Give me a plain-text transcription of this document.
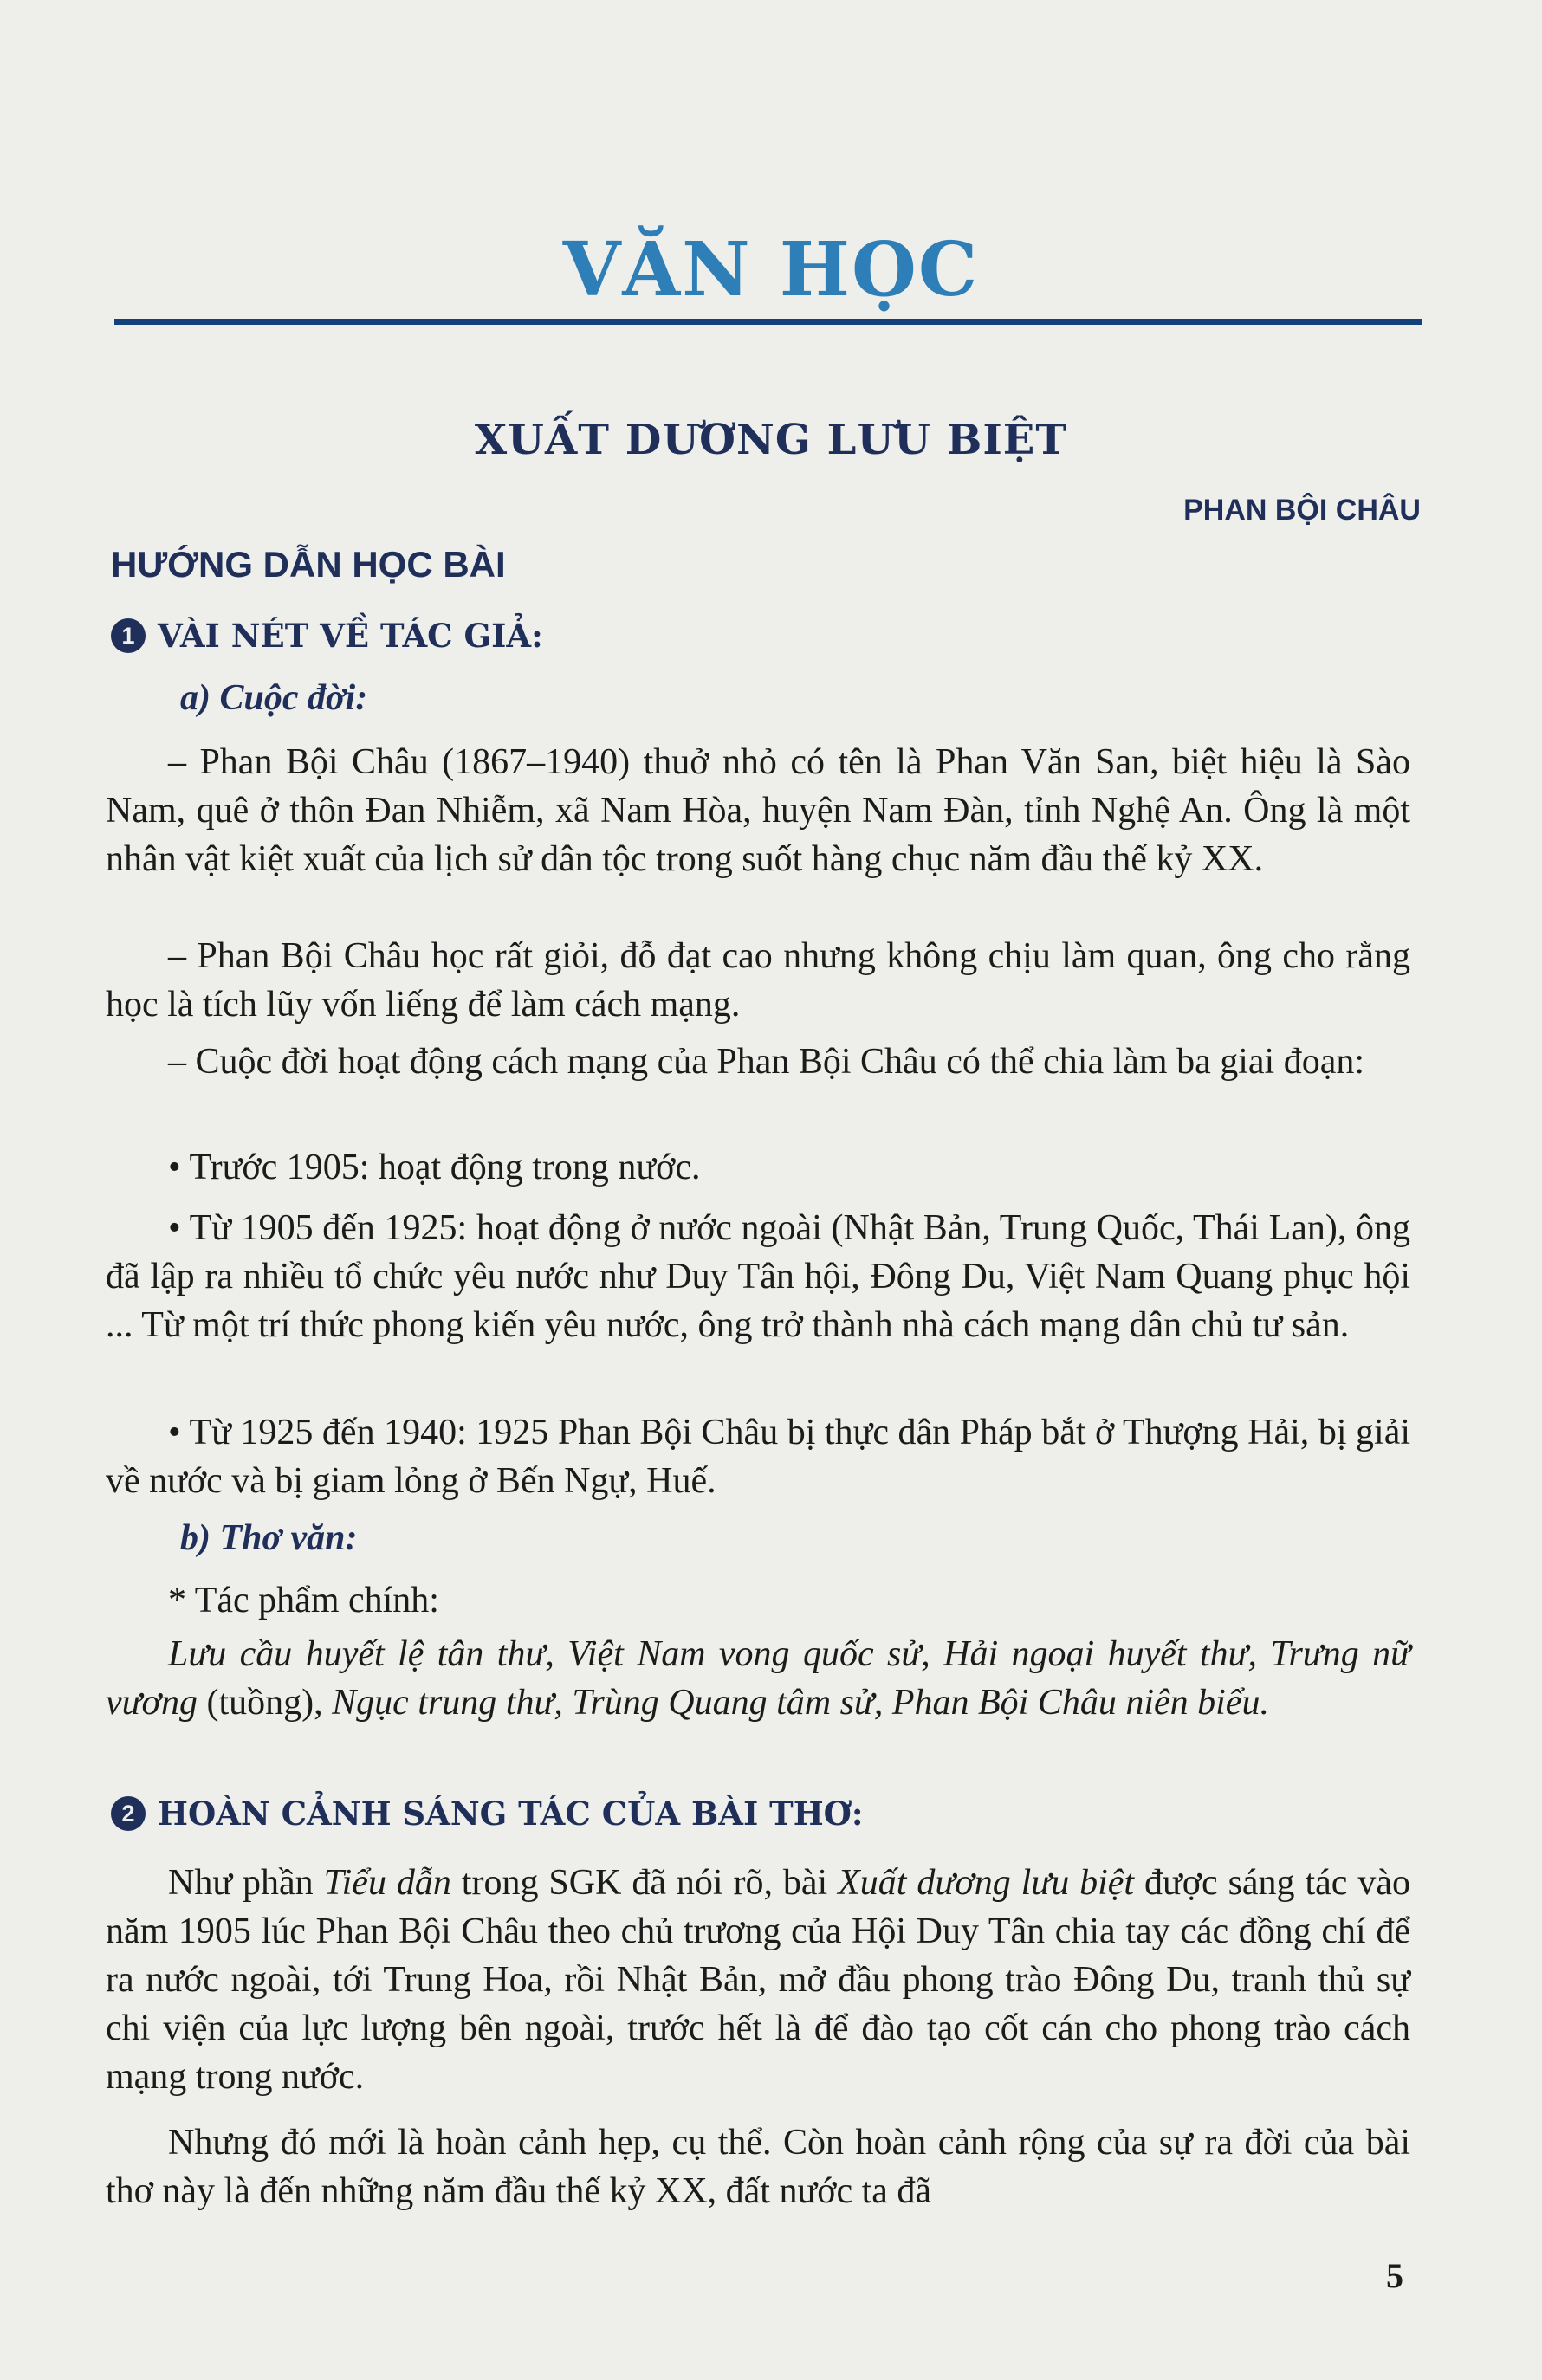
VĂN HỌC
XUẤT DƯƠNG LƯU BIỆT
PHAN BỘI CHÂU
HƯỚNG DẪN HỌC BÀI
1 VÀI NÉT VỀ TÁC GIẢ:
a) Cuộc đời:

– Phan Bội Châu (1867–1940) thuở nhỏ có tên là Phan Văn San, biệt hiệu là Sào Nam, quê ở thôn Đan Nhiễm, xã Nam Hòa, huyện Nam Đàn, tỉnh Nghệ An. Ông là một nhân vật kiệt xuất của lịch sử dân tộc trong suốt hàng chục năm đầu thế kỷ XX.

– Phan Bội Châu học rất giỏi, đỗ đạt cao nhưng không chịu làm quan, ông cho rằng học là tích lũy vốn liếng để làm cách mạng.

– Cuộc đời hoạt động cách mạng của Phan Bội Châu có thể chia làm ba giai đoạn:

• Trước 1905: hoạt động trong nước.

• Từ 1905 đến 1925: hoạt động ở nước ngoài (Nhật Bản, Trung Quốc, Thái Lan), ông đã lập ra nhiều tổ chức yêu nước như Duy Tân hội, Đông Du, Việt Nam Quang phục hội ... Từ một trí thức phong kiến yêu nước, ông trở thành nhà cách mạng dân chủ tư sản.

• Từ 1925 đến 1940: 1925 Phan Bội Châu bị thực dân Pháp bắt ở Thượng Hải, bị giải về nước và bị giam lỏng ở Bến Ngự, Huế.

b) Thơ văn:

* Tác phẩm chính:

Lưu cầu huyết lệ tân thư, Việt Nam vong quốc sử, Hải ngoại huyết thư, Trưng nữ vương (tuồng), Ngục trung thư, Trùng Quang tâm sử, Phan Bội Châu niên biểu.

2 HOÀN CẢNH SÁNG TÁC CỦA BÀI THƠ:

Như phần Tiểu dẫn trong SGK đã nói rõ, bài Xuất dương lưu biệt được sáng tác vào năm 1905 lúc Phan Bội Châu theo chủ trương của Hội Duy Tân chia tay các đồng chí để ra nước ngoài, tới Trung Hoa, rồi Nhật Bản, mở đầu phong trào Đông Du, tranh thủ sự chi viện của lực lượng bên ngoài, trước hết là để đào tạo cốt cán cho phong trào cách mạng trong nước.

Nhưng đó mới là hoàn cảnh hẹp, cụ thể. Còn hoàn cảnh rộng của sự ra đời của bài thơ này là đến những năm đầu thế kỷ XX, đất nước ta đã

5
